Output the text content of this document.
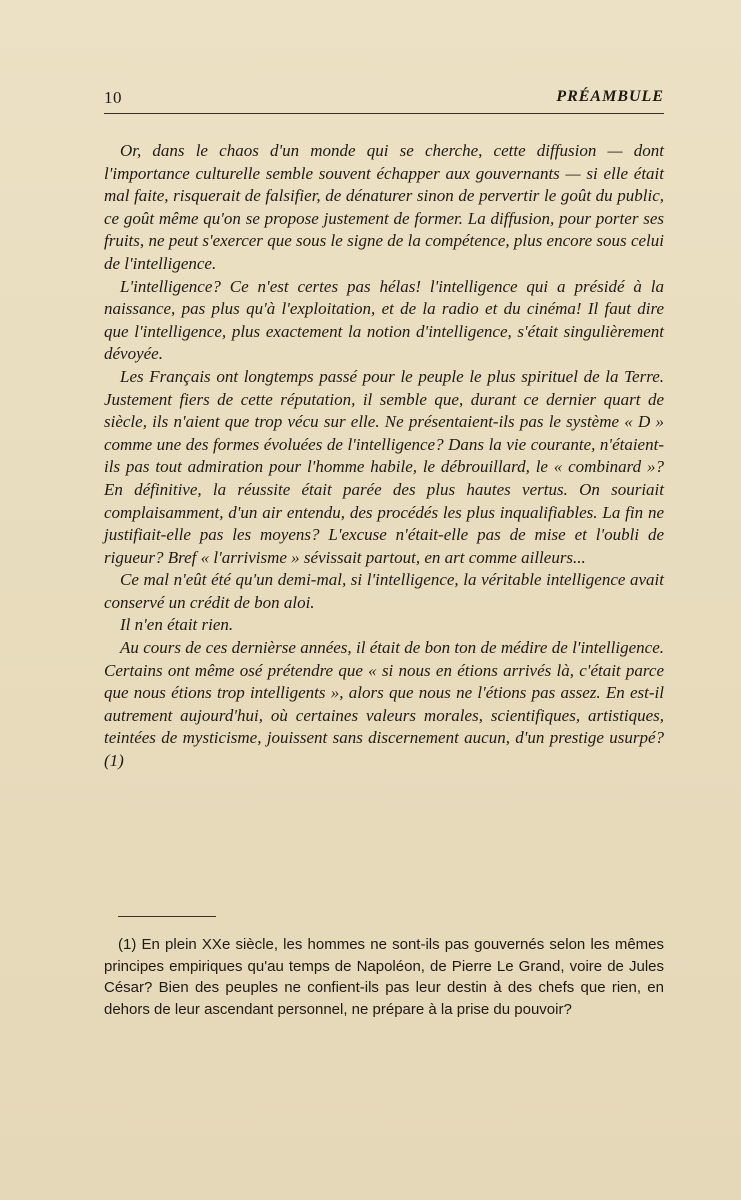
10	PRÉAMBULE

Or, dans le chaos d'un monde qui se cherche, cette diffusion — dont l'importance culturelle semble souvent échapper aux gouvernants — si elle était mal faite, risquerait de falsifier, de dénaturer sinon de pervertir le goût du public, ce goût même qu'on se propose justement de former. La diffusion, pour porter ses fruits, ne peut s'exercer que sous le signe de la compétence, plus encore sous celui de l'intelligence.

L'intelligence? Ce n'est certes pas hélas! l'intelligence qui a présidé à la naissance, pas plus qu'à l'exploitation, et de la radio et du cinéma! Il faut dire que l'intelligence, plus exactement la notion d'intelligence, s'était singulièrement dévoyée.

Les Français ont longtemps passé pour le peuple le plus spirituel de la Terre. Justement fiers de cette réputation, il semble que, durant ce dernier quart de siècle, ils n'aient que trop vécu sur elle. Ne présentaient-ils pas le système « D » comme une des formes évoluées de l'intelligence? Dans la vie courante, n'étaient-ils pas tout admiration pour l'homme habile, le débrouillard, le « combinard »? En définitive, la réussite était parée des plus hautes vertus. On souriait complaisamment, d'un air entendu, des procédés les plus inqualifiables. La fin ne justifiait-elle pas les moyens? L'excuse n'était-elle pas de mise et l'oubli de rigueur? Bref « l'arrivisme » sévissait partout, en art comme ailleurs...

Ce mal n'eût été qu'un demi-mal, si l'intelligence, la véritable intelligence avait conservé un crédit de bon aloi.

Il n'en était rien.

Au cours de ces dernièrse années, il était de bon ton de médire de l'intelligence. Certains ont même osé prétendre que « si nous en étions arrivés là, c'était parce que nous étions trop intelligents », alors que nous ne l'étions pas assez. En est-il autrement aujourd'hui, où certaines valeurs morales, scientifiques, artistiques, teintées de mysticisme, jouissent sans discernement aucun, d'un prestige usurpé? (1)

(1) En plein XXe siècle, les hommes ne sont-ils pas gouvernés selon les mêmes principes empiriques qu'au temps de Napoléon, de Pierre Le Grand, voire de Jules César? Bien des peuples ne confient-ils pas leur destin à des chefs que rien, en dehors de leur ascendant personnel, ne prépare à la prise du pouvoir?
